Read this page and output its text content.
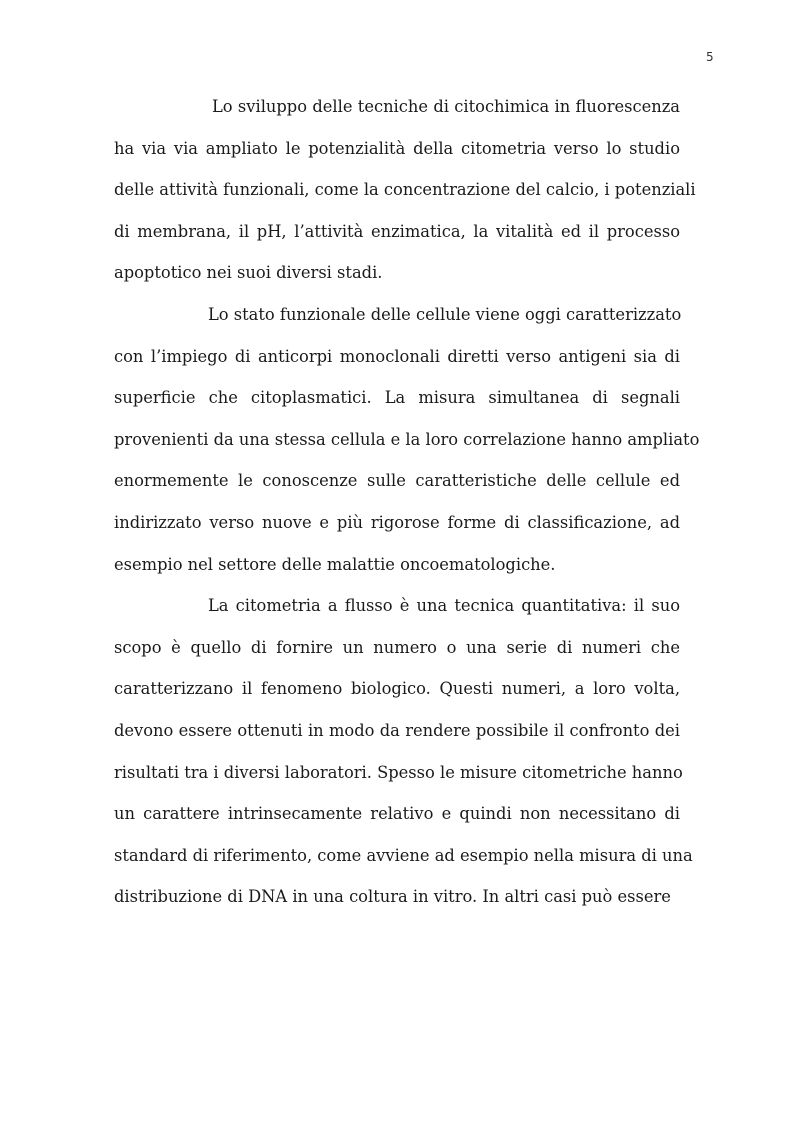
5
Lo sviluppo delle tecniche di citochimica in fluorescenza
ha via via ampliato le potenzialità della citometria verso lo studio
delle attività funzionali, come la concentrazione del calcio, i potenziali
di membrana, il pH, l’attività enzimatica, la vitalità ed il processo
apoptotico nei suoi diversi stadi.
Lo stato funzionale delle cellule viene oggi caratterizzato
con l’impiego di anticorpi monoclonali diretti verso antigeni sia di
superficie che citoplasmatici. La misura simultanea di segnali
provenienti da una stessa cellula e la loro correlazione hanno ampliato
enormemente le conoscenze sulle caratteristiche delle cellule ed
indirizzato verso nuove e più rigorose forme di classificazione, ad
esempio nel settore delle malattie oncoematologiche.
La citometria a flusso è una tecnica quantitativa: il suo
scopo è quello di fornire un numero o una serie di numeri che
caratterizzano il fenomeno biologico. Questi numeri, a loro volta,
devono essere ottenuti in modo da rendere possibile il confronto dei
risultati tra i diversi laboratori. Spesso le misure citometriche hanno
un carattere intrinsecamente relativo e quindi non necessitano di
standard di riferimento, come avviene ad esempio nella misura di una
distribuzione di DNA in una coltura in vitro. In altri casi può essere
